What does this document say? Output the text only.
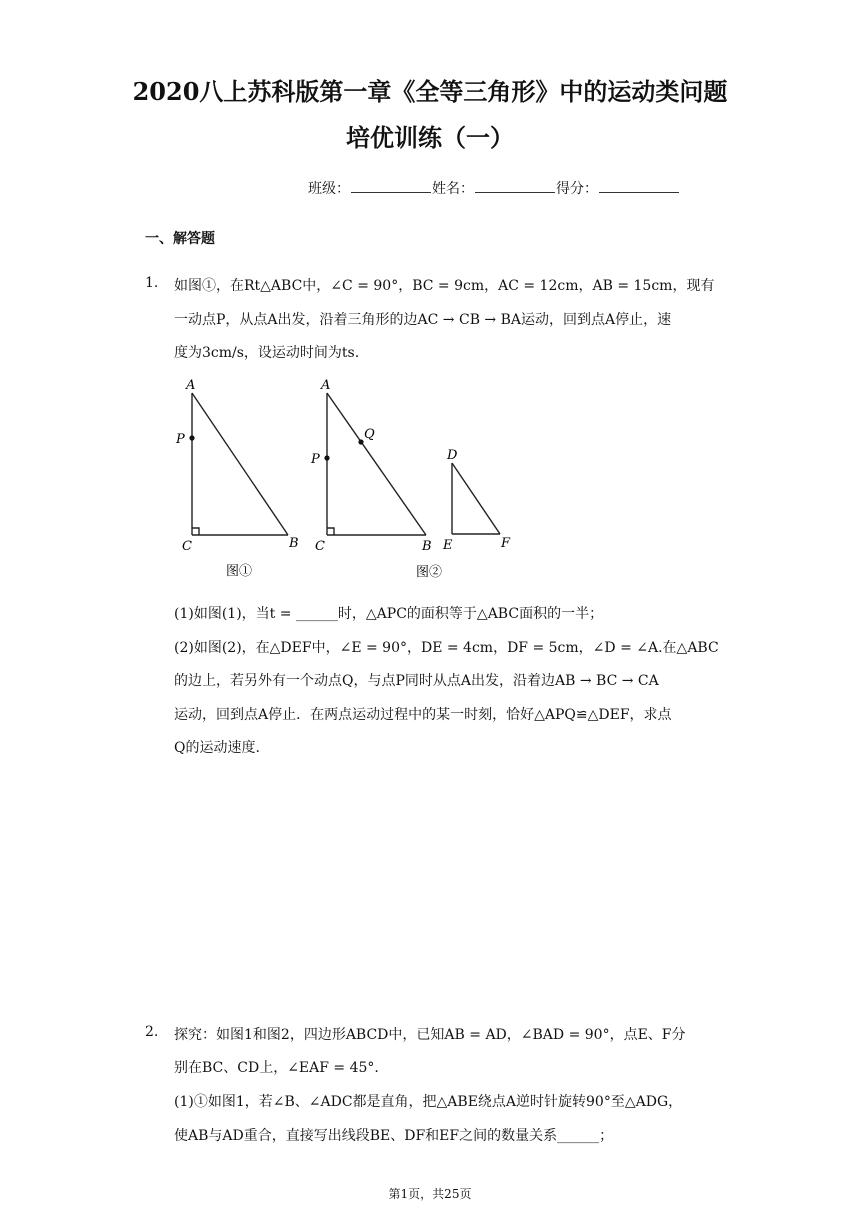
2020八上苏科版第一章《全等三角形》中的运动类问题
培优训练（一）
班级：	姓名：	得分：
一、解答题
1. 如图①，在Rt△ABC中，∠C = 90°，BC = 9cm，AC = 12cm，AB = 15cm，现有
一动点P，从点A出发，沿着三角形的边AC → CB → BA运动，回到点A停止，速
度为3cm/s，设运动时间为ts.
A
P
C	B
图①
A
Q
P
C	B
D
E	F
图②
(1)如图(1)，当t = ______时，△APC的面积等于△ABC面积的一半；
(2)如图(2)，在△DEF中，∠E = 90°，DE = 4cm，DF = 5cm，∠D = ∠A.在△ABC
的边上，若另外有一个动点Q，与点P同时从点A出发，沿着边AB → BC → CA
运动，回到点A停止．在两点运动过程中的某一时刻，恰好△APQ≌△DEF，求点
Q的运动速度.
2. 探究：如图1和图2，四边形ABCD中，已知AB = AD，∠BAD = 90°，点E、F分
别在BC、CD上，∠EAF = 45°.
(1)①如图1，若∠B、∠ADC都是直角，把△ABE绕点A逆时针旋转90°至△ADG，
使AB与AD重合，直接写出线段BE、DF和EF之间的数量关系______；
第1页，共25页
